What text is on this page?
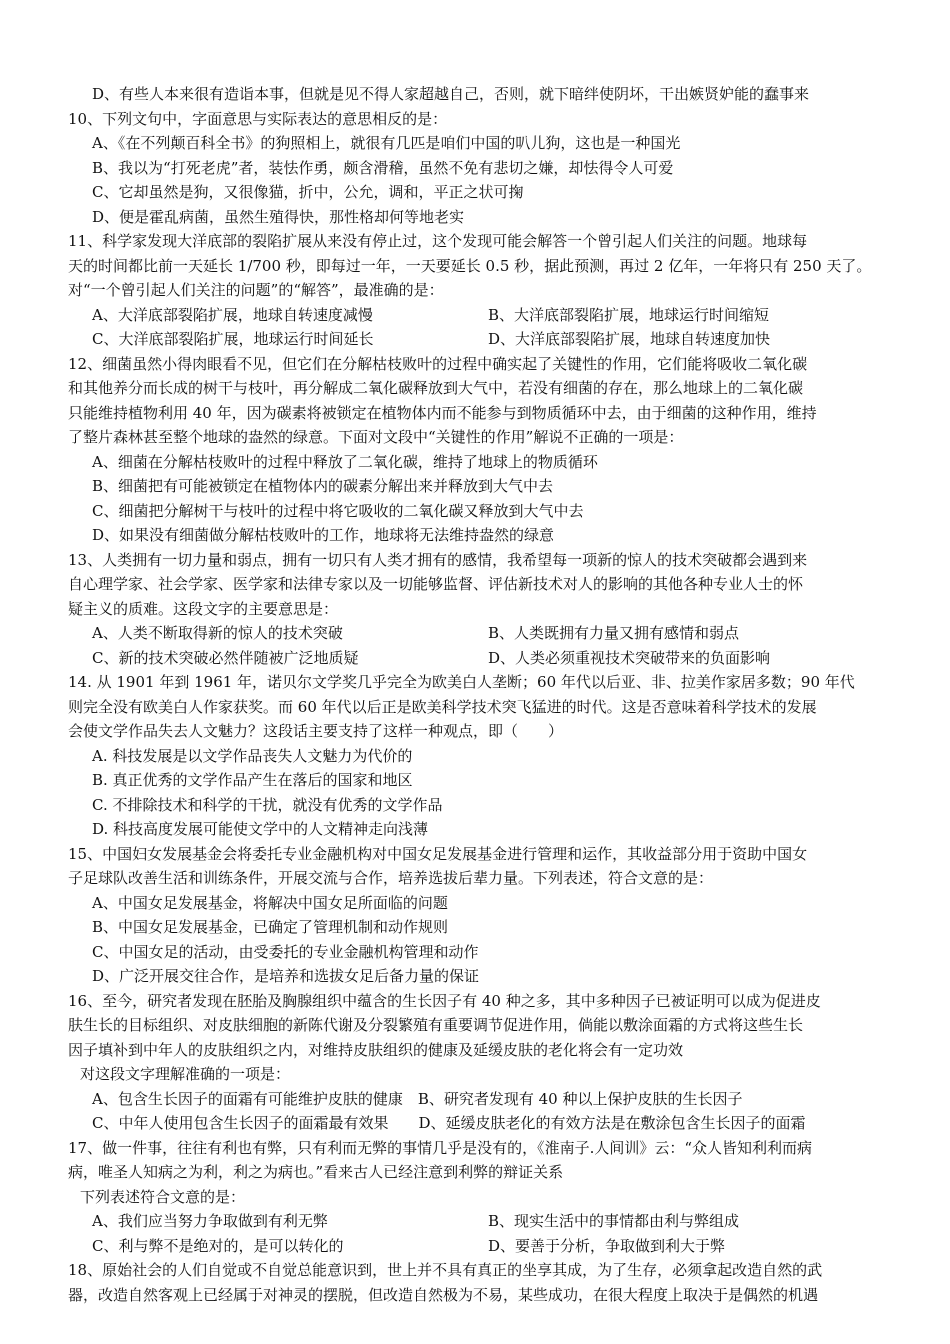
D、有些人本来很有造诣本事，但就是见不得人家超越自己，否则，就下暗绊使阴坏，干出嫉贤妒能的蠢事来
10、下列文句中，字面意思与实际表达的意思相反的是：
A、《在不列颠百科全书》的狗照相上，就很有几匹是咱们中国的叭儿狗，这也是一种国光
B、我以为“打死老虎”者，装怯作勇，颇含滑稽，虽然不免有悲切之嫌，却怯得令人可爱
C、它却虽然是狗，又很像猫，折中，公允，调和，平正之状可掬
D、便是霍乱病菌，虽然生殖得快，那性格却何等地老实
11、科学家发现大洋底部的裂陷扩展从来没有停止过，这个发现可能会解答一个曾引起人们关注的问题。地球每
天的时间都比前一天延长 1/700 秒，即每过一年，一天要延长 0.5 秒，据此预测，再过 2 亿年，一年将只有 250 天了。
对“一个曾引起人们关注的问题”的“解答”，最准确的是：
A、大洋底部裂陷扩展，地球自转速度减慢	B、大洋底部裂陷扩展，地球运行时间缩短
C、大洋底部裂陷扩展，地球运行时间延长	D、大洋底部裂陷扩展，地球自转速度加快
12、细菌虽然小得肉眼看不见，但它们在分解枯枝败叶的过程中确实起了关键性的作用，它们能将吸收二氧化碳
和其他养分而长成的树干与枝叶，再分解成二氧化碳释放到大气中，若没有细菌的存在，那么地球上的二氧化碳
只能维持植物利用 40 年，因为碳素将被锁定在植物体内而不能参与到物质循环中去，由于细菌的这种作用，维持
了整片森林甚至整个地球的盎然的绿意。下面对文段中“关键性的作用”解说不正确的一项是：
A、细菌在分解枯枝败叶的过程中释放了二氧化碳，维持了地球上的物质循环
B、细菌把有可能被锁定在植物体内的碳素分解出来并释放到大气中去
C、细菌把分解树干与枝叶的过程中将它吸收的二氧化碳又释放到大气中去
D、如果没有细菌做分解枯枝败叶的工作，地球将无法维持盎然的绿意
13、人类拥有一切力量和弱点，拥有一切只有人类才拥有的感情，我希望每一项新的惊人的技术突破都会遇到来
自心理学家、社会学家、医学家和法律专家以及一切能够监督、评估新技术对人的影响的其他各种专业人士的怀
疑主义的质难。这段文字的主要意思是：
A、人类不断取得新的惊人的技术突破	B、人类既拥有力量又拥有感情和弱点
C、新的技术突破必然伴随被广泛地质疑	D、人类必须重视技术突破带来的负面影响
14. 从 1901 年到 1961 年，诺贝尔文学奖几乎完全为欧美白人垄断；60 年代以后亚、非、拉美作家居多数；90 年代
则完全没有欧美白人作家获奖。而 60 年代以后正是欧美科学技术突飞猛进的时代。这是否意味着科学技术的发展
会使文学作品失去人文魅力？这段话主要支持了这样一种观点，即（　　）
A. 科技发展是以文学作品丧失人文魅力为代价的
B. 真正优秀的文学作品产生在落后的国家和地区
C. 不排除技术和科学的干扰，就没有优秀的文学作品
D. 科技高度发展可能使文学中的人文精神走向浅薄
15、中国妇女发展基金会将委托专业金融机构对中国女足发展基金进行管理和运作，其收益部分用于资助中国女
子足球队改善生活和训练条件，开展交流与合作，培养选拔后辈力量。下列表述，符合文意的是：
A、中国女足发展基金，将解决中国女足所面临的问题
B、中国女足发展基金，已确定了管理机制和动作规则
C、中国女足的活动，由受委托的专业金融机构管理和动作
D、广泛开展交往合作，是培养和选拔女足后备力量的保证
16、至今，研究者发现在胚胎及胸腺组织中蕴含的生长因子有 40 种之多，其中多种因子已被证明可以成为促进皮
肤生长的目标组织、对皮肤细胞的新陈代谢及分裂繁殖有重要调节促进作用，倘能以敷涂面霜的方式将这些生长
因子填补到中年人的皮肤组织之内，对维持皮肤组织的健康及延缓皮肤的老化将会有一定功效
对这段文字理解准确的一项是：
A、包含生长因子的面霜有可能维护皮肤的健康　B、研究者发现有 40 种以上保护皮肤的生长因子
C、中年人使用包含生长因子的面霜最有效果　　D、延缓皮肤老化的有效方法是在敷涂包含生长因子的面霜
17、做一件事，往往有利也有弊，只有利而无弊的事情几乎是没有的，《淮南子.人间训》云：“众人皆知利利而病
病，唯圣人知病之为利，利之为病也。”看来古人已经注意到利弊的辩证关系
下列表述符合文意的是：
A、我们应当努力争取做到有利无弊	B、现实生活中的事情都由利与弊组成
C、利与弊不是绝对的，是可以转化的	D、要善于分析，争取做到利大于弊
18、原始社会的人们自觉或不自觉总能意识到，世上并不具有真正的坐享其成，为了生存，必须拿起改造自然的武
器，改造自然客观上已经属于对神灵的摆脱，但改造自然极为不易，某些成功，在很大程度上取决于是偶然的机遇
